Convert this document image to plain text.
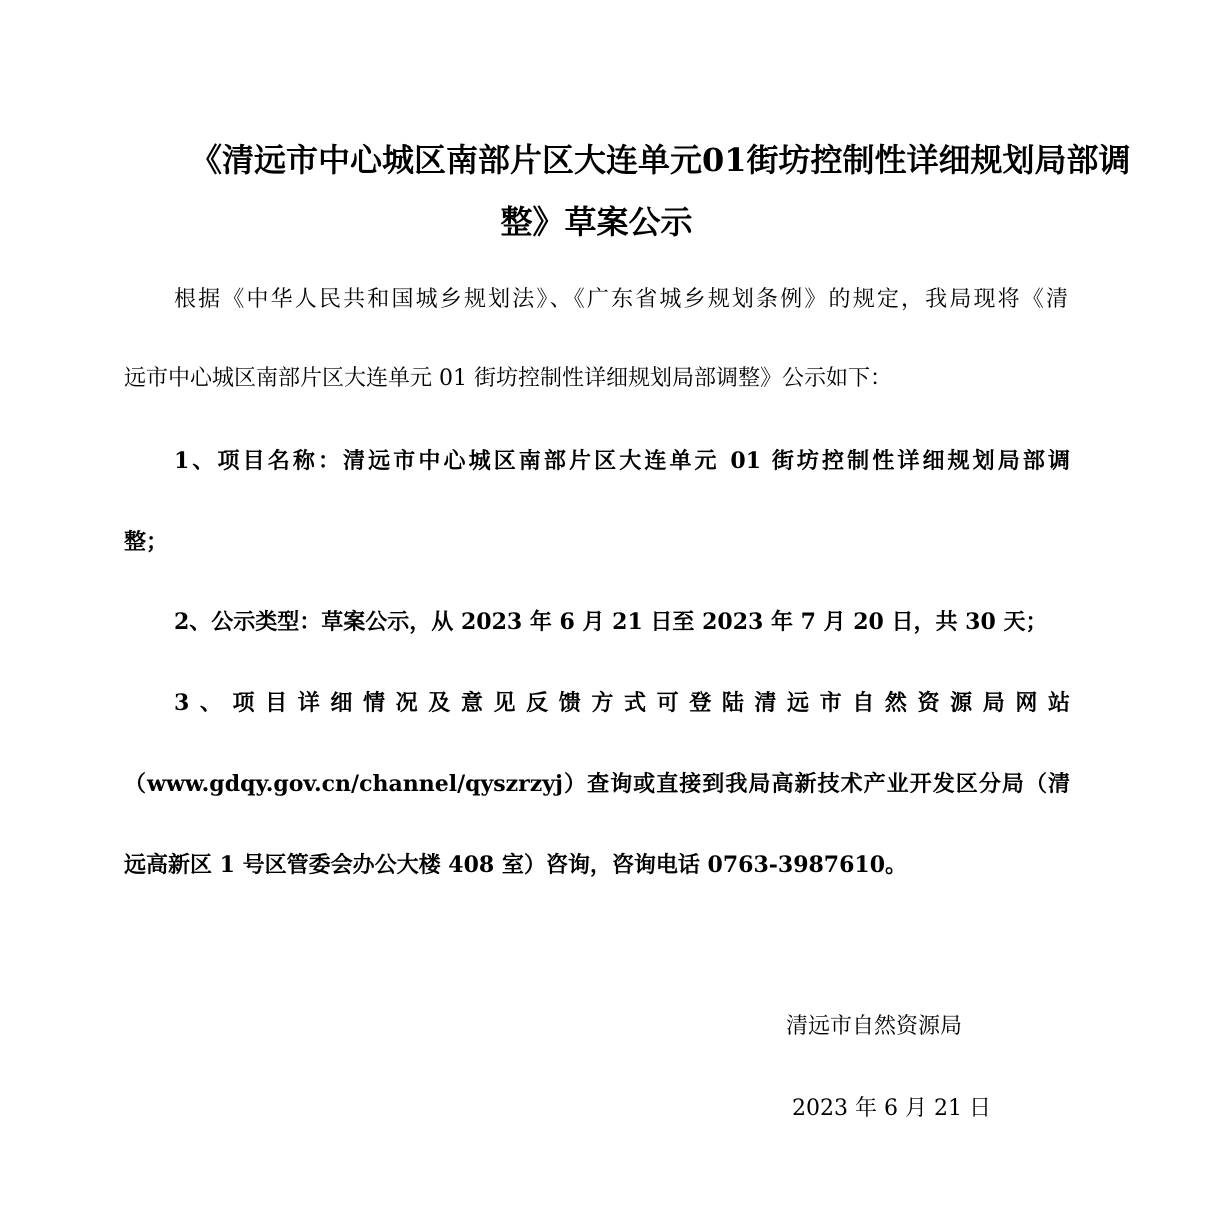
《清远市中心城区南部片区大连单元01街坊控制性详细规划局部调
整》草案公示
根据《中华人民共和国城乡规划法》、《广东省城乡规划条例》的规定，我局现将《清
远市中心城区南部片区大连单元 01 街坊控制性详细规划局部调整》公示如下：
1、项目名称：清远市中心城区南部片区大连单元 01 街坊控制性详细规划局部调
整；
2、公示类型：草案公示，从 2023 年 6 月 21 日至 2023 年 7 月 20 日，共 30 天；
3、项目详细情况及意见反馈方式可登陆清远市自然资源局网站
（www.gdqy.gov.cn/channel/qyszrzyj）查询或直接到我局高新技术产业开发区分局（清
远高新区 1 号区管委会办公大楼 408 室）咨询，咨询电话 0763-3987610。
清远市自然资源局
2023 年 6 月 21 日
